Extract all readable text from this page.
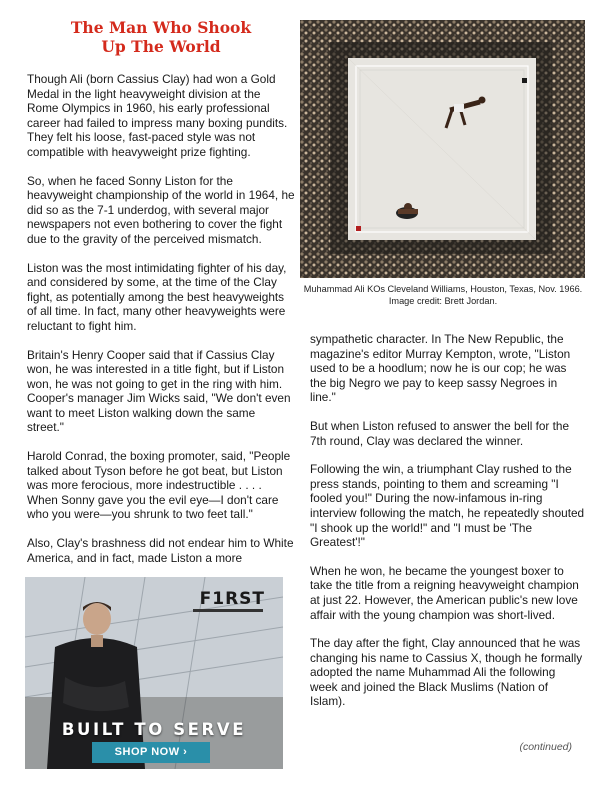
The Man Who Shook
Up The World

Though Ali (born Cassius Clay) had won a Gold Medal in the light heavyweight division at the Rome Olympics in 1960, his early professional career had failed to impress many boxing pundits. They felt his loose, fast-paced style was not compatible with heavyweight prize fighting.

So, when he faced Sonny Liston for the heavyweight championship of the world in 1964, he did so as the 7-1 underdog, with several major newspapers not even bothering to cover the fight due to the gravity of the perceived mismatch.

Liston was the most intimidating fighter of his day, and considered by some, at the time of the Clay fight, as potentially among the best heavyweights of all time. In fact, many other heavyweights were reluctant to fight him.

Britain's Henry Cooper said that if Cassius Clay won, he was interested in a title fight, but if Liston won, he was not going to get in the ring with him. Cooper's manager Jim Wicks said, "We don't even want to meet Liston walking down the same street."

Harold Conrad, the boxing promoter, said, "People talked about Tyson before he got beat, but Liston was more ferocious, more indestructible . . . . When Sonny gave you the evil eye—I don't care who you were—you shrunk to two feet tall."

Also, Clay's brashness did not endear him to White America, and in fact, made Liston a more

Muhammad Ali KOs Cleveland Williams, Houston, Texas, Nov. 1966.
Image credit: Brett Jordan.

sympathetic character. In The New Republic, the magazine's editor Murray Kempton, wrote, "Liston used to be a hoodlum; now he is our cop; he was the big Negro we pay to keep sassy Negroes in line."

But when Liston refused to answer the bell for the 7th round, Clay was declared the winner.

Following the win, a triumphant Clay rushed to the press stands, pointing to them and screaming "I fooled you!" During the now-infamous in-ring interview following the match, he repeatedly shouted "I shook up the world!" and "I must be 'The Greatest'!"

When he won, he became the youngest boxer to take the title from a reigning heavyweight champion at just 22. However, the American public's new love affair with the young champion was short-lived.

The day after the fight, Clay announced that he was changing his name to Cassius X, though he formally adopted the name Muhammad Ali the following week and joined the Black Muslims (Nation of Islam).

(continued)
F1RST
BUILT TO SERVE
SHOP NOW ›
